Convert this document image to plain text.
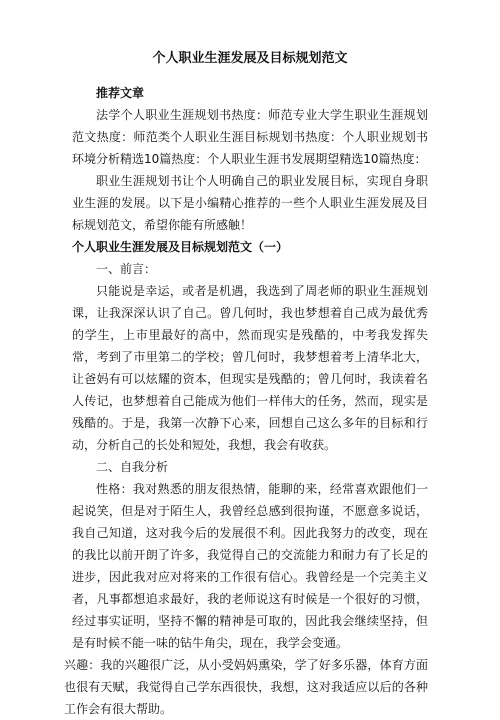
个人职业生涯发展及目标规划范文
推荐文章

法学个人职业生涯规划书热度：师范专业大学生职业生涯规划范文热度：师范类个人职业生涯目标规划书热度：个人职业规划书环境分析精选10篇热度：个人职业生涯书发展期望精选10篇热度：

职业生涯规划书让个人明确自己的职业发展目标，实现自身职业生涯的发展。以下是小编精心推荐的一些个人职业生涯发展及目标规划范文，希望你能有所感触！

个人职业生涯发展及目标规划范文（一）
一、前言：

只能说是幸运，或者是机遇，我选到了周老师的职业生涯规划课，让我深深认识了自己。曾几何时，我也梦想着自己成为最优秀的学生，上市里最好的高中，然而现实是残酷的，中考我发挥失常，考到了市里第二的学校；曾几何时，我梦想着考上清华北大，让爸妈有可以炫耀的资本，但现实是残酷的；曾几何时，我读着名人传记，也梦想着自己能成为他们一样伟大的任务，然而，现实是残酷的。于是，我第一次静下心来，回想自己这么多年的目标和行动，分析自己的长处和短处，我想，我会有收获。

二、自我分析

性格：我对熟悉的朋友很热情，能聊的来，经常喜欢跟他们一起说笑，但是对于陌生人，我曾经总感到很拘谨，不愿意多说话，我自己知道，这对我今后的发展很不利。因此我努力的改变，现在的我比以前开朗了许多，我觉得自己的交流能力和耐力有了长足的进步，因此我对应对将来的工作很有信心。我曾经是一个完美主义者，凡事都想追求最好，我的老师说这有时候是一个很好的习惯，经过事实证明，坚持不懈的精神是可取的，因此我会继续坚持，但是有时候不能一味的钻牛角尖，现在，我学会变通。

兴趣：我的兴趣很广泛，从小受妈妈熏染，学了好多乐器，体育方面也很有天赋，我觉得自己学东西很快，我想，这对我适应以后的各种工作会有很大帮助。
